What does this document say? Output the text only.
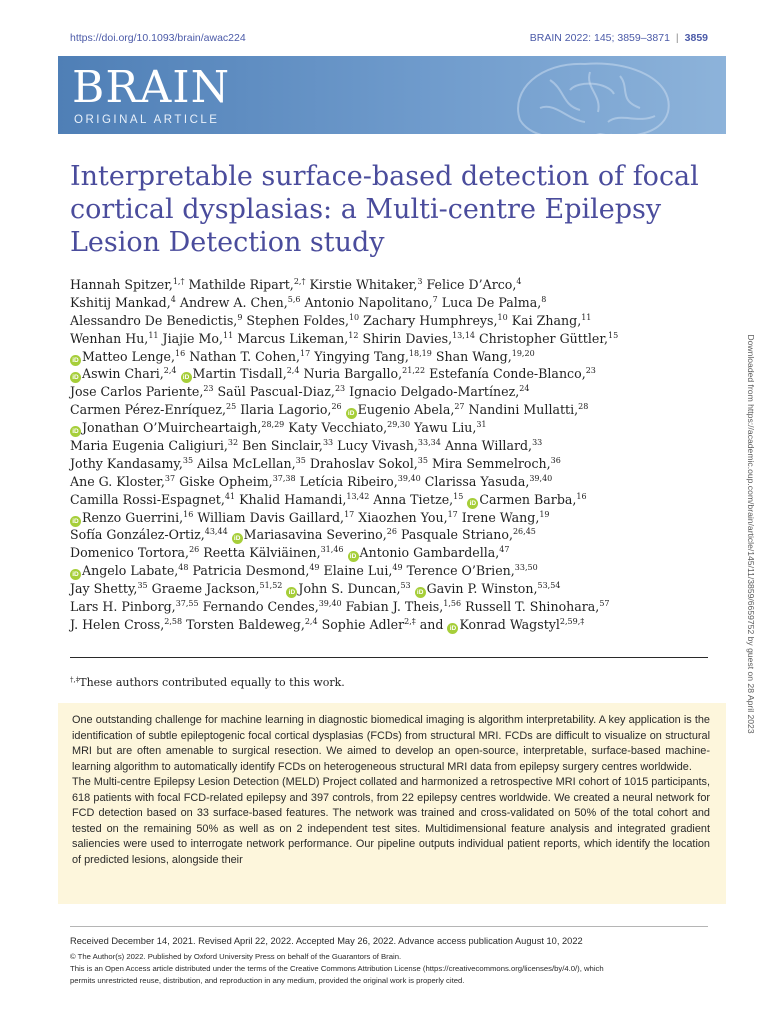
https://doi.org/10.1093/brain/awac224	BRAIN 2022: 145; 3859–3871 | 3859
BRAIN
ORIGINAL ARTICLE
Interpretable surface-based detection of focal cortical dysplasias: a Multi-centre Epilepsy Lesion Detection study
Hannah Spitzer,$^{1,\dagger}$ Mathilde Ripart,$^{2,\dagger}$ Kirstie Whitaker,$^3$ Felice D’Arco,$^4$
Kshitij Mankad,$^4$ Andrew A. Chen,$^{5,6}$ Antonio Napolitano,$^7$ Luca De Palma,$^8$
Alessandro De Benedictis,$^9$ Stephen Foldes,$^{10}$ Zachary Humphreys,$^{10}$ Kai Zhang,$^{11}$
Wenhan Hu,$^{11}$ Jiajie Mo,$^{11}$ Marcus Likeman,$^{12}$ Shirin Davies,$^{13,14}$ Christopher Güttler,$^{15}$
iD Matteo Lenge,$^{16}$ Nathan T. Cohen,$^{17}$ Yingying Tang,$^{18,19}$ Shan Wang,$^{19,20}$
iD Aswin Chari,$^{2,4}$ iD Martin Tisdall,$^{2,4}$ Nuria Bargallo,$^{21,22}$ Estefanía Conde-Blanco,$^{23}$
Jose Carlos Pariente,$^{23}$ Saül Pascual-Diaz,$^{23}$ Ignacio Delgado-Martínez,$^{24}$
Carmen Pérez-Enríquez,$^{25}$ Ilaria Lagorio,$^{26}$ iD Eugenio Abela,$^{27}$ Nandini Mullatti,$^{28}$
iD Jonathan O’Muircheartaigh,$^{28,29}$ Katy Vecchiato,$^{29,30}$ Yawu Liu,$^{31}$
Maria Eugenia Caligiuri,$^{32}$ Ben Sinclair,$^{33}$ Lucy Vivash,$^{33,34}$ Anna Willard,$^{33}$
Jothy Kandasamy,$^{35}$ Ailsa McLellan,$^{35}$ Drahoslav Sokol,$^{35}$ Mira Semmelroch,$^{36}$
Ane G. Kloster,$^{37}$ Giske Opheim,$^{37,38}$ Letícia Ribeiro,$^{39,40}$ Clarissa Yasuda,$^{39,40}$
Camilla Rossi-Espagnet,$^{41}$ Khalid Hamandi,$^{13,42}$ Anna Tietze,$^{15}$ iD Carmen Barba,$^{16}$
iD Renzo Guerrini,$^{16}$ William Davis Gaillard,$^{17}$ Xiaozhen You,$^{17}$ Irene Wang,$^{19}$
Sofía González-Ortiz,$^{43,44}$ iD Mariasavina Severino,$^{26}$ Pasquale Striano,$^{26,45}$
Domenico Tortora,$^{26}$ Reetta Kälviäinen,$^{31,46}$ iD Antonio Gambardella,$^{47}$
iD Angelo Labate,$^{48}$ Patricia Desmond,$^{49}$ Elaine Lui,$^{49}$ Terence O’Brien,$^{33,50}$
Jay Shetty,$^{35}$ Graeme Jackson,$^{51,52}$ iD John S. Duncan,$^{53}$ iD Gavin P. Winston,$^{53,54}$
Lars H. Pinborg,$^{37,55}$ Fernando Cendes,$^{39,40}$ Fabian J. Theis,$^{1,56}$ Russell T. Shinohara,$^{57}$
J. Helen Cross,$^{2,58}$ Torsten Baldeweg,$^{2,4}$ Sophie Adler$^{2,\ddagger}$ and iD Konrad Wagstyl$^{2,59,\ddagger}$
†,‡These authors contributed equally to this work.

One outstanding challenge for machine learning in diagnostic biomedical imaging is algorithm interpretability. A key application is the identification of subtle epileptogenic focal cortical dysplasias (FCDs) from structural MRI. FCDs are difficult to visualize on structural MRI but are often amenable to surgical resection. We aimed to develop an open-source, interpretable, surface-based machine-learning algorithm to automatically identify FCDs on heterogeneous structural MRI data from epilepsy surgery centres worldwide.

The Multi-centre Epilepsy Lesion Detection (MELD) Project collated and harmonized a retrospective MRI cohort of 1015 participants, 618 patients with focal FCD-related epilepsy and 397 controls, from 22 epilepsy centres worldwide. We created a neural network for FCD detection based on 33 surface-based features. The network was trained and cross-validated on 50% of the total cohort and tested on the remaining 50% as well as on 2 independent test sites. Multidimensional feature analysis and integrated gradient saliencies were used to interrogate network performance. Our pipeline outputs individual patient reports, which identify the location of predicted lesions, alongside their

Received December 14, 2021. Revised April 22, 2022. Accepted May 26, 2022. Advance access publication August 10, 2022
© The Author(s) 2022. Published by Oxford University Press on behalf of the Guarantors of Brain.
This is an Open Access article distributed under the terms of the Creative Commons Attribution License (https://creativecommons.org/licenses/by/4.0/), which
permits unrestricted reuse, distribution, and reproduction in any medium, provided the original work is properly cited.
Downloaded from https://academic.oup.com/brain/article/145/11/3859/6659752 by guest on 28 April 2023
